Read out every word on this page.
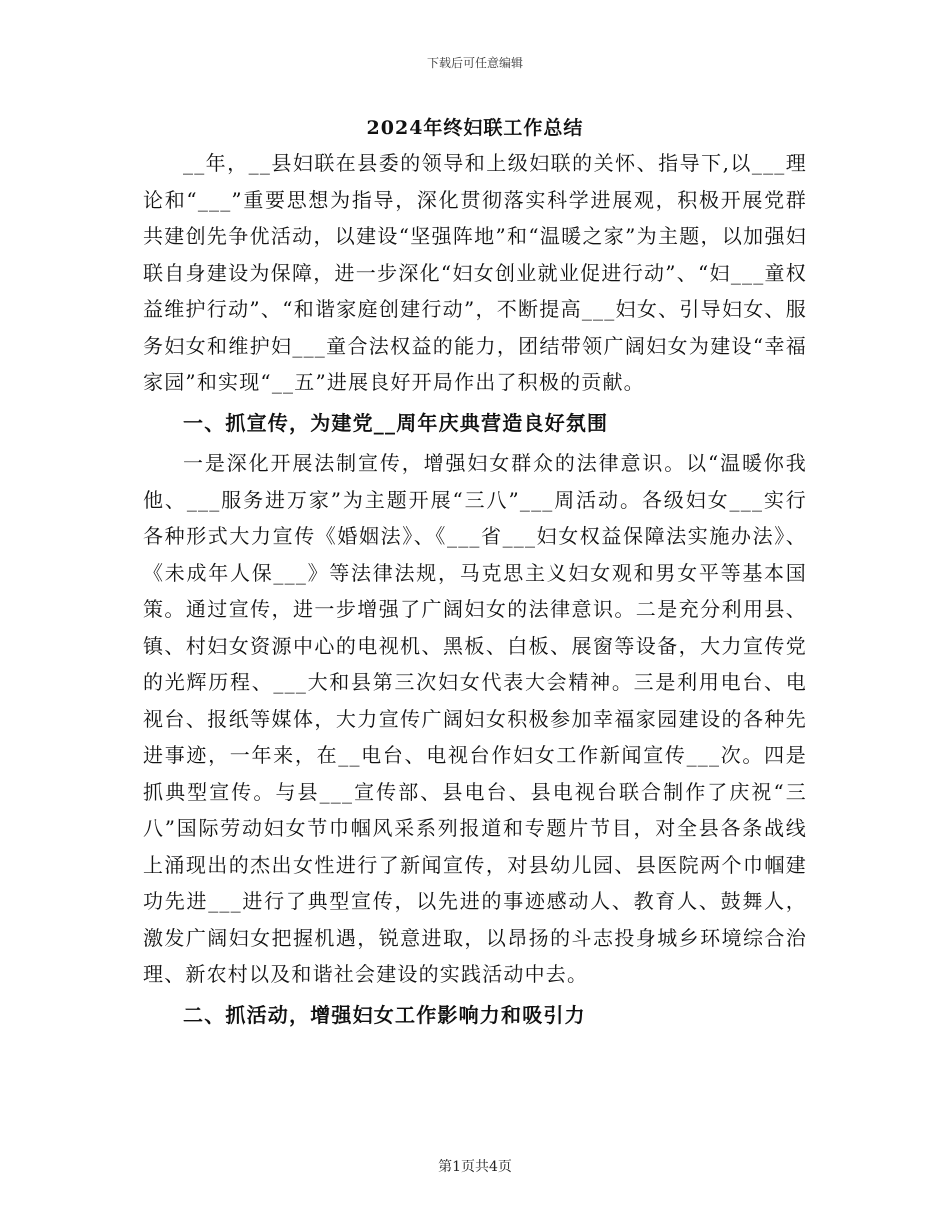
下载后可任意编辑
2024年终妇联工作总结

__年，__县妇联在县委的领导和上级妇联的关怀、指导下,以___理论和“___”重要思想为指导，深化贯彻落实科学进展观，积极开展党群共建创先争优活动，以建设“坚强阵地”和“温暖之家”为主题，以加强妇联自身建设为保障，进一步深化“妇女创业就业促进行动”、“妇___童权益维护行动”、“和谐家庭创建行动”，不断提高___妇女、引导妇女、服务妇女和维护妇___童合法权益的能力，团结带领广阔妇女为建设“幸福家园”和实现“__五”进展良好开局作出了积极的贡献。

一、抓宣传，为建党__周年庆典营造良好氛围

一是深化开展法制宣传，增强妇女群众的法律意识。以“温暖你我他、___服务进万家”为主题开展“三八”___周活动。各级妇女___实行各种形式大力宣传《婚姻法》、《___省___妇女权益保障法实施办法》、《未成年人保___》等法律法规，马克思主义妇女观和男女平等基本国策。通过宣传，进一步增强了广阔妇女的法律意识。二是充分利用县、镇、村妇女资源中心的电视机、黑板、白板、展窗等设备，大力宣传党的光辉历程、___大和县第三次妇女代表大会精神。三是利用电台、电视台、报纸等媒体，大力宣传广阔妇女积极参加幸福家园建设的各种先进事迹，一年来，在__电台、电视台作妇女工作新闻宣传___次。四是抓典型宣传。与县___宣传部、县电台、县电视台联合制作了庆祝“三八”国际劳动妇女节巾帼风采系列报道和专题片节目，对全县各条战线上涌现出的杰出女性进行了新闻宣传，对县幼儿园、县医院两个巾帼建功先进___进行了典型宣传，以先进的事迹感动人、教育人、鼓舞人，激发广阔妇女把握机遇，锐意进取，以昂扬的斗志投身城乡环境综合治理、新农村以及和谐社会建设的实践活动中去。

二、抓活动，增强妇女工作影响力和吸引力

第1页共4页
